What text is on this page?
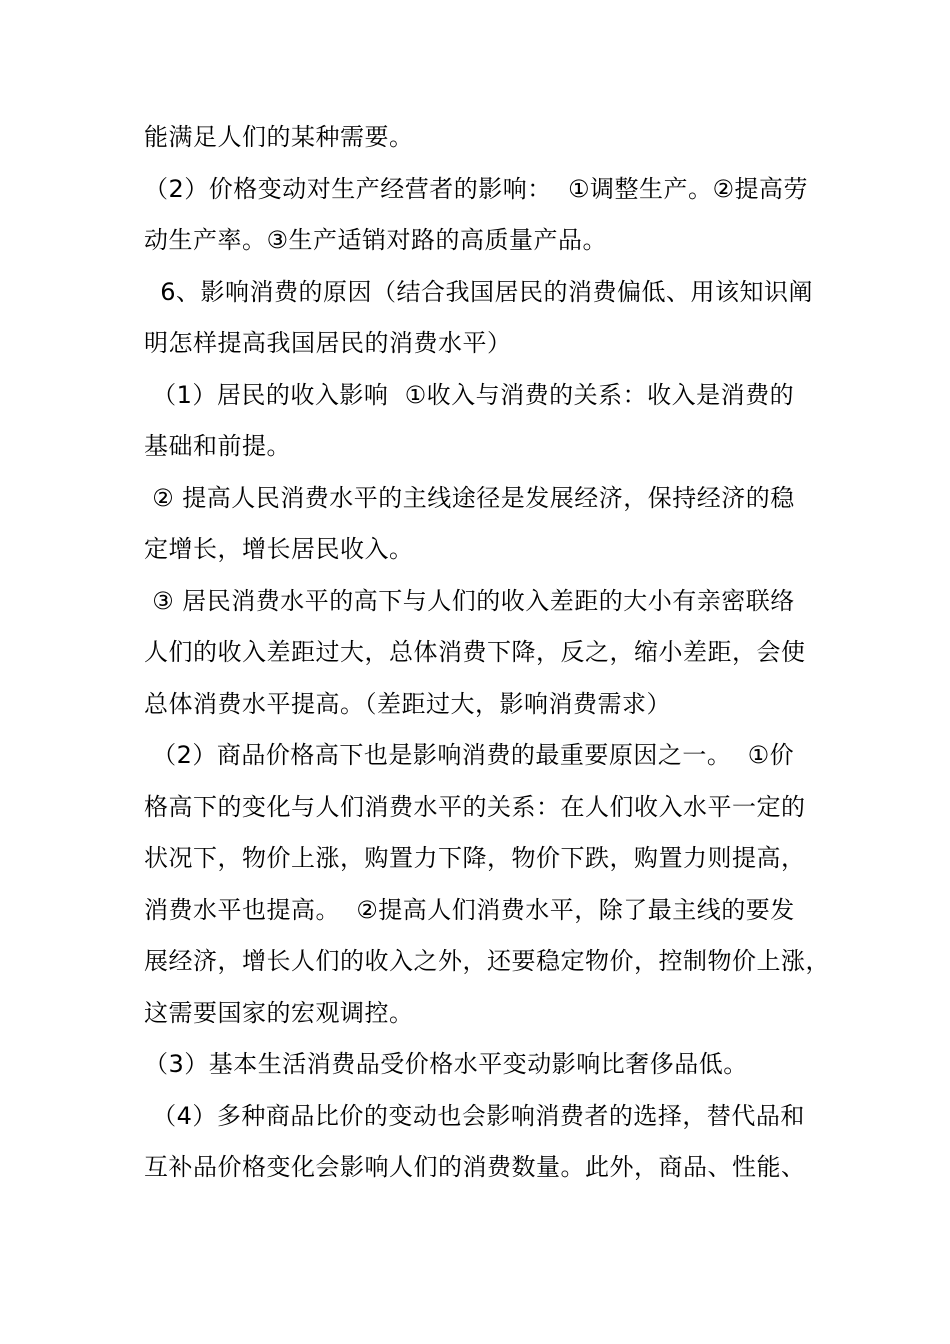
能满足人们的某种需要。
（2）价格变动对生产经营者的影响：  ①调整生产。②提高劳
动生产率。③生产适销对路的高质量产品。
6、影响消费的原因（结合我国居民的消费偏低、用该知识阐
明怎样提高我国居民的消费水平）
（1）居民的收入影响  ①收入与消费的关系：收入是消费的
基础和前提。
② 提高人民消费水平的主线途径是发展经济，保持经济的稳
定增长，增长居民收入。
③ 居民消费水平的高下与人们的收入差距的大小有亲密联络
人们的收入差距过大，总体消费下降，反之，缩小差距，会使
总体消费水平提高。（差距过大，影响消费需求）
（2）商品价格高下也是影响消费的最重要原因之一。  ①价
格高下的变化与人们消费水平的关系：在人们收入水平一定的
状况下，物价上涨，购置力下降，物价下跌，购置力则提高，
消费水平也提高。  ②提高人们消费水平，除了最主线的要发
展经济，增长人们的收入之外，还要稳定物价，控制物价上涨，
这需要国家的宏观调控。
（3）基本生活消费品受价格水平变动影响比奢侈品低。
（4）多种商品比价的变动也会影响消费者的选择，替代品和
互补品价格变化会影响人们的消费数量。此外，商品、性能、
